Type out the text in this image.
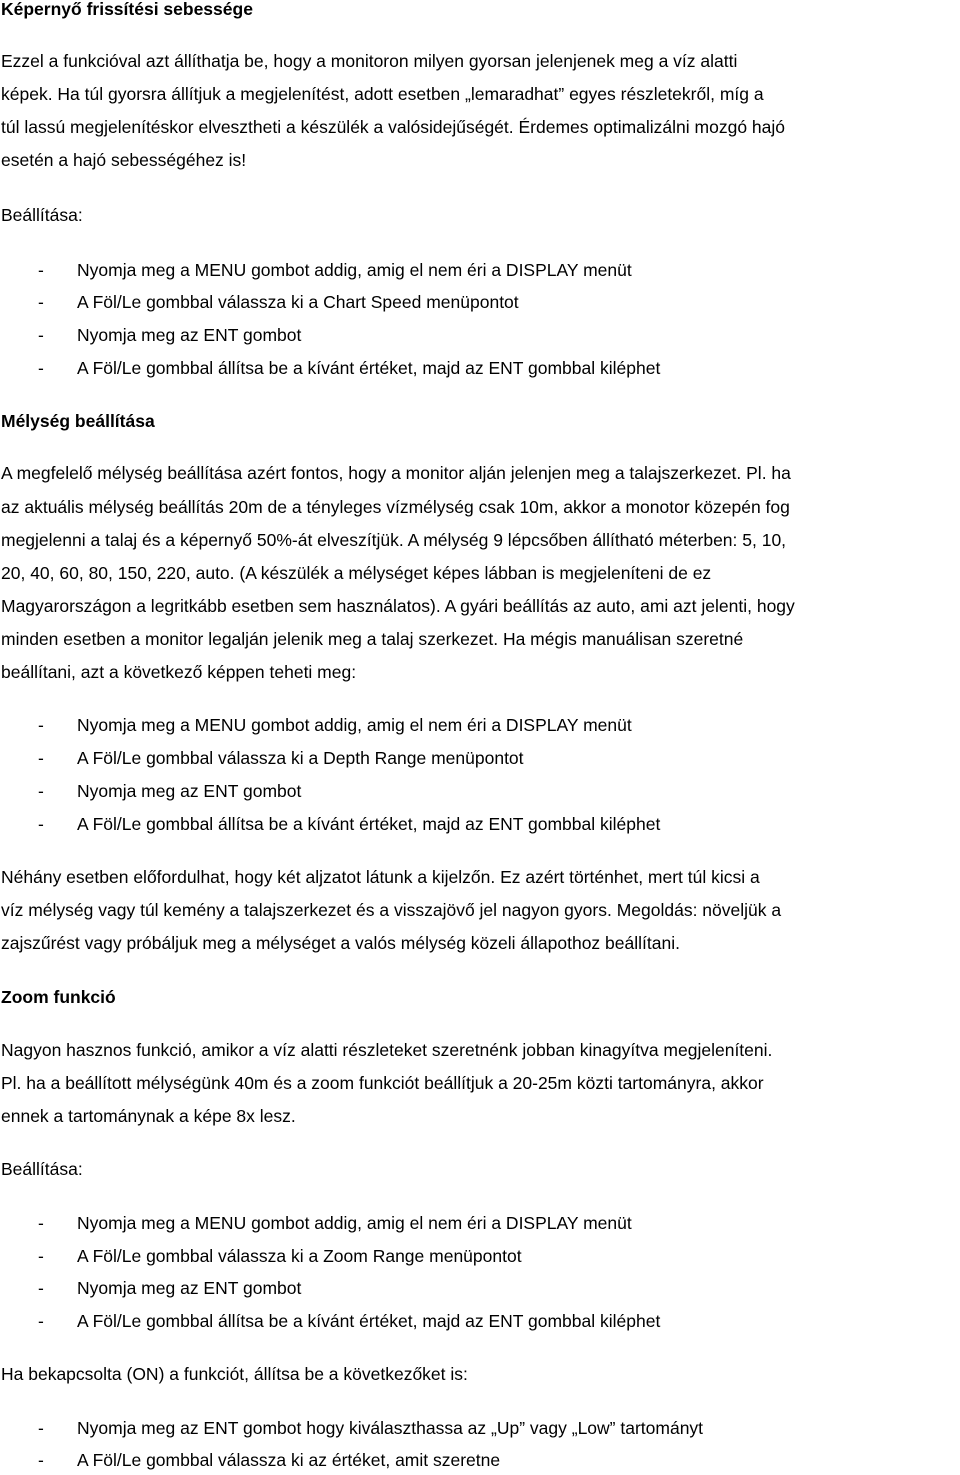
Képernyő frissítési sebessége
Ezzel a funkcióval azt állíthatja be, hogy a monitoron milyen gyorsan jelenjenek meg a víz alatti
képek. Ha túl gyorsra állítjuk a megjelenítést, adott esetben „lemaradhat” egyes részletekről, míg a
túl lassú megjelenítéskor elvesztheti a készülék a valósidejűségét. Érdemes optimalizálni mozgó hajó
esetén a hajó sebességéhez is!
Beállítása:
- Nyomja meg a MENU gombot addig, amig el nem éri a DISPLAY menüt
- A Föl/Le gombbal válassza ki a Chart Speed menüpontot
- Nyomja meg az ENT gombot
- A Föl/Le gombbal állítsa be a kívánt értéket, majd az ENT gombbal kiléphet
Mélység beállítása
A megfelelő mélység beállítása azért fontos, hogy a monitor alján jelenjen meg a talajszerkezet. Pl. ha
az aktuális mélység beállítás 20m de a tényleges vízmélység csak 10m, akkor a monotor közepén fog
megjelenni a talaj és a képernyő 50%-át elveszítjük. A mélység 9 lépcsőben állítható méterben: 5, 10,
20, 40, 60, 80, 150, 220, auto. (A készülék a mélységet képes lábban is megjeleníteni de ez
Magyarországon a legritkább esetben sem használatos). A gyári beállítás az auto, ami azt jelenti, hogy
minden esetben a monitor legalján jelenik meg a talaj szerkezet. Ha mégis manuálisan szeretné
beállítani, azt a következő képpen teheti meg:
- Nyomja meg a MENU gombot addig, amig el nem éri a DISPLAY menüt
- A Föl/Le gombbal válassza ki a Depth Range menüpontot
- Nyomja meg az ENT gombot
- A Föl/Le gombbal állítsa be a kívánt értéket, majd az ENT gombbal kiléphet
Néhány esetben előfordulhat, hogy két aljzatot látunk a kijelzőn. Ez azért történhet, mert túl kicsi a
víz mélység vagy túl kemény a talajszerkezet és a visszajövő jel nagyon gyors. Megoldás: növeljük a
zajszűrést vagy próbáljuk meg a mélységet a valós mélység közeli állapothoz beállítani.
Zoom funkció
Nagyon hasznos funkció, amikor a víz alatti részleteket szeretnénk jobban kinagyítva megjeleníteni.
Pl. ha a beállított mélységünk 40m és a zoom funkciót beállítjuk a 20-25m közti tartományra, akkor
ennek a tartománynak a képe 8x lesz.
Beállítása:
- Nyomja meg a MENU gombot addig, amig el nem éri a DISPLAY menüt
- A Föl/Le gombbal válassza ki a Zoom Range menüpontot
- Nyomja meg az ENT gombot
- A Föl/Le gombbal állítsa be a kívánt értéket, majd az ENT gombbal kiléphet
Ha bekapcsolta (ON) a funkciót, állítsa be a következőket is:
- Nyomja meg az ENT gombot hogy kiválaszthassa az „Up” vagy „Low” tartományt
- A Föl/Le gombbal válassza ki az értéket, amit szeretne
